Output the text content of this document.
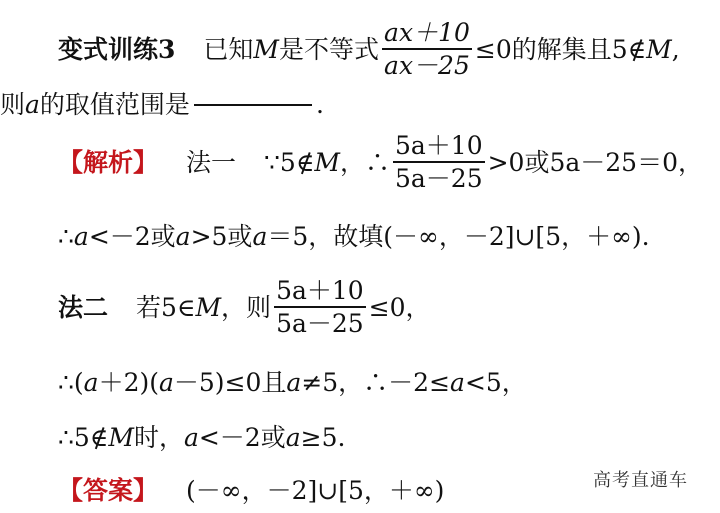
变式训练3 已知 M 是不等式 $\frac{ax+10}{ax-25} \le 0$的解集且5∉ M ,
则 a 的取值范围是	.
【解析】 法一 ∵5∉ M ，∴ $\frac{5a+10}{5a-25} >0$或5a－25＝0，
∴ a <－2或 a >5或 a ＝5，故填(－∞，－2]∪[5，＋∞).
法二 若5∈ M ，则 $\frac{5a+10}{5a-25} \le 0$，
∴( a ＋2)( a －5)≤0且 a ≠5，∴－2≤ a <5，
∴5∉ M 时， a <－2或 a ≥5.
【答案】 (－∞，－2]∪[5，＋∞)	高考直通车
